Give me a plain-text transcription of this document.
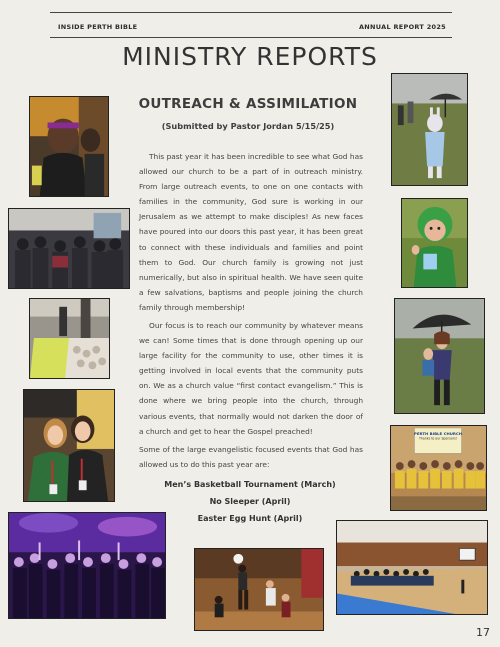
INSIDE PERTH BIBLE	ANNUAL REPORT 2025
MINISTRY REPORTS
OUTREACH & ASSIMILATION
(Submitted by Pastor Jordan 5/15/25)

This past year it has been incredible to see what God has allowed our church to be a part of in outreach ministry. From large outreach events, to one on one contacts with families in the community, God sure is working in our Jerusalem as we attempt to make disciples! As new faces have poured into our doors this past year, it has been great to connect with these individuals and families and point them to God. Our church family is growing not just numerically, but also in spiritual health. We have seen quite a few salvations, baptisms and people joining the church family through membership!

Our focus is to reach our community by whatever means we can! Some times that is done through opening up our large facility for the community to use, other times it is getting involved in local events that the community puts on. We as a church value “first contact evangelism.” This is done where we bring people into the church, through various events, that normally would not darken the door of a church and get to hear the Gospel preached!

Some of the large evangelistic focused events that God has allowed us to do this past year are:

Men’s Basketball Tournament (March)
No Sleeper (April)
Easter Egg Hunt (April)
PERTH BIBLE CHURCH
Thanks to our Sponsors!
17
